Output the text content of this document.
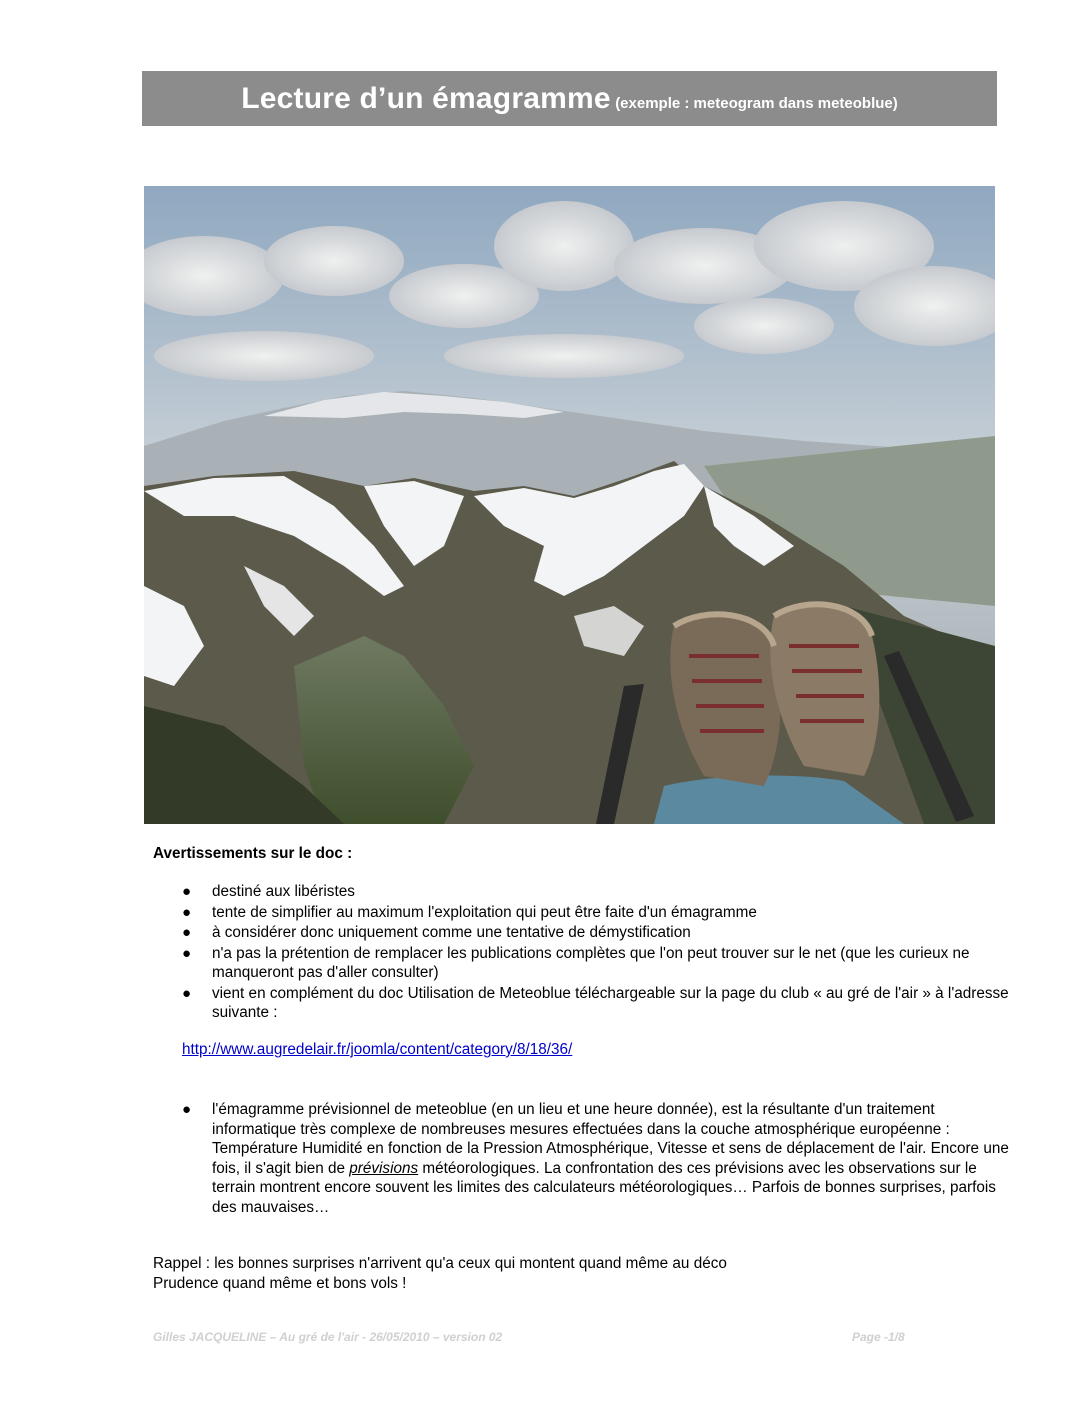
Lecture d’un émagramme (exemple : meteogram dans meteoblue)
Avertissements sur le doc :
● destiné aux libéristes
● tente de simplifier au maximum l'exploitation qui peut être faite d'un émagramme
● à considérer donc uniquement comme une tentative de démystification
● n'a pas la prétention de remplacer les publications complètes que l'on peut trouver sur le net (que les curieux ne manqueront pas d'aller consulter)
● vient en complément du doc Utilisation de Meteoblue téléchargeable sur la page du club « au gré de l'air » à l'adresse suivante :
http://www.augredelair.fr/joomla/content/category/8/18/36/
● l'émagramme prévisionnel de meteoblue (en un lieu et une heure donnée), est la résultante d'un traitement informatique très complexe de nombreuses mesures effectuées dans la couche atmosphérique européenne : Température Humidité en fonction de la Pression Atmosphérique, Vitesse et sens de déplacement de l'air. Encore une fois, il s'agit bien de prévisions météorologiques. La confrontation des ces prévisions avec les observations sur le terrain montrent encore souvent les limites des calculateurs météorologiques… Parfois de bonnes surprises, parfois des mauvaises…
Rappel : les bonnes surprises n'arrivent qu'a ceux qui montent quand même au déco
Prudence quand même et bons vols !
Gilles JACQUELINE – Au gré de l'air - 26/05/2010 – version 02	Page -1/8
